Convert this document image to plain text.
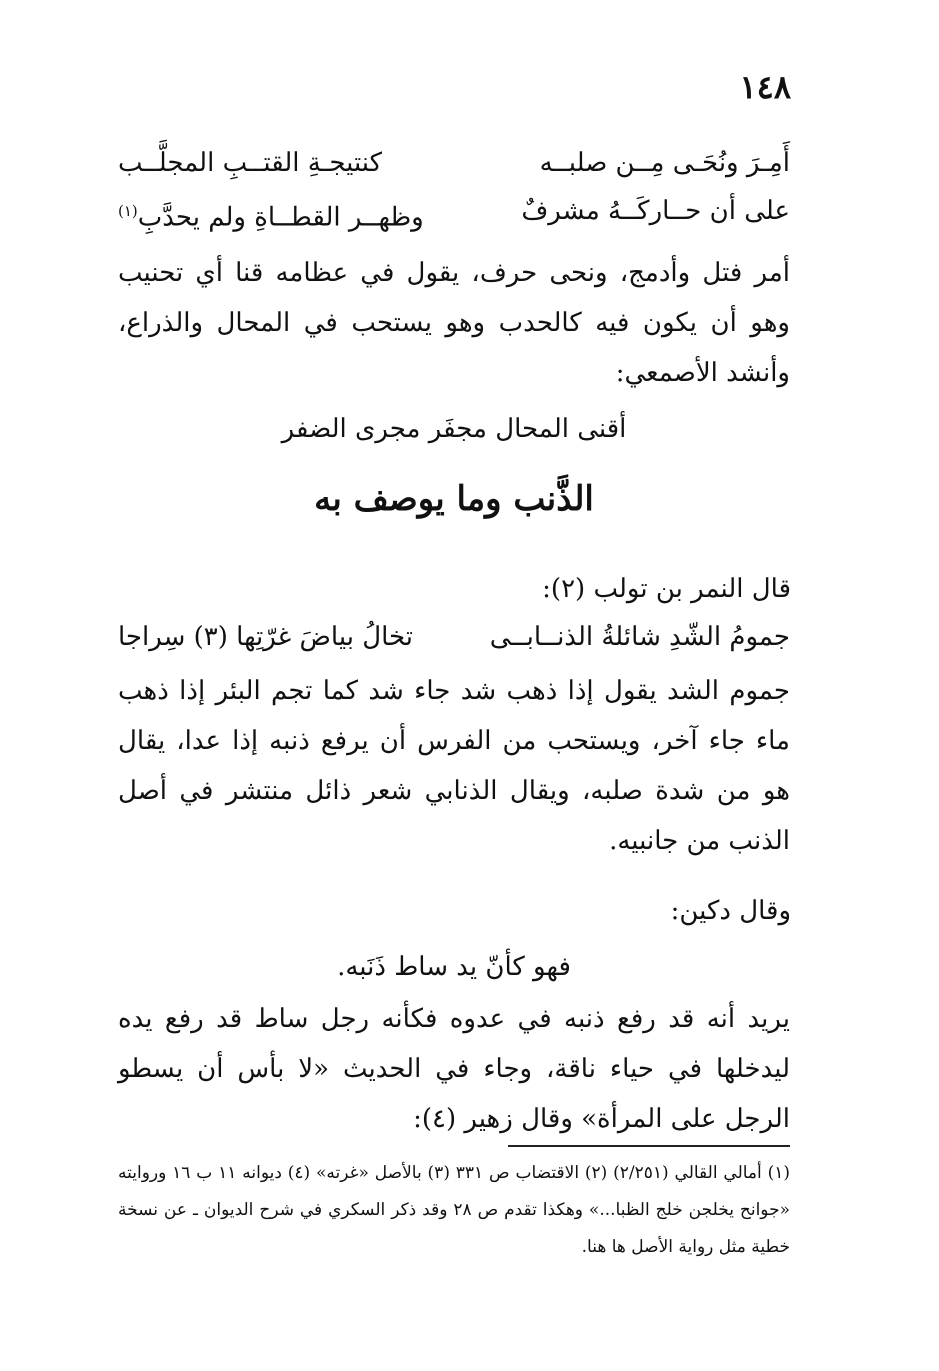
١٤٨
أَمِـرَ ونُحَـى مِــن صلبــه
كنتيجـةِ القتــبِ المجلَّــب
على أن حــاركَــهُ مشرفٌ
وظهــر القطــاةِ ولم يحدَّبِ$^{(١)}$
أمر فتل وأدمج، ونحى حرف، يقول في عظامه قنا أي تحنيب وهو أن يكون فيه كالحدب وهو يستحب في المحال والذراع، وأنشد الأصمعي:
أقنى المحال مجفَر مجرى الضفر
الذَّنب وما يوصف به
قال النمر بن تولب (٢):
جمومُ الشّدِ شائلةُ الذنــابــى
تخالُ بياضَ غرّتِها (٣) سِراجا
جموم الشد يقول إذا ذهب شد جاء شد كما تجم البئر إذا ذهب ماء جاء آخر، ويستحب من الفرس أن يرفع ذنبه إذا عدا، يقال هو من شدة صلبه، ويقال الذنابي شعر ذائل منتشر في أصل الذنب من جانبيه.
وقال دكين:
فهو كأنّ يد ساط ذَنَبه.
يريد أنه قد رفع ذنبه في عدوه فكأنه رجل ساط قد رفع يده ليدخلها في حياء ناقة، وجاء في الحديث «لا بأس أن يسطو الرجل على المرأة» وقال زهير (٤):
(١) أمالي القالي (٢/٢٥١) (٢) الاقتضاب ص ٣٣١ (٣) بالأصل «غرته» (٤) ديوانه ١١ ب ١٦ وروايته «جوانح يخلجن خلج الظبا...» وهكذا تقدم ص ٢٨ وقد ذكر السكري في شرح الديوان ـ عن نسخة خطية مثل رواية الأصل ها هنا.
